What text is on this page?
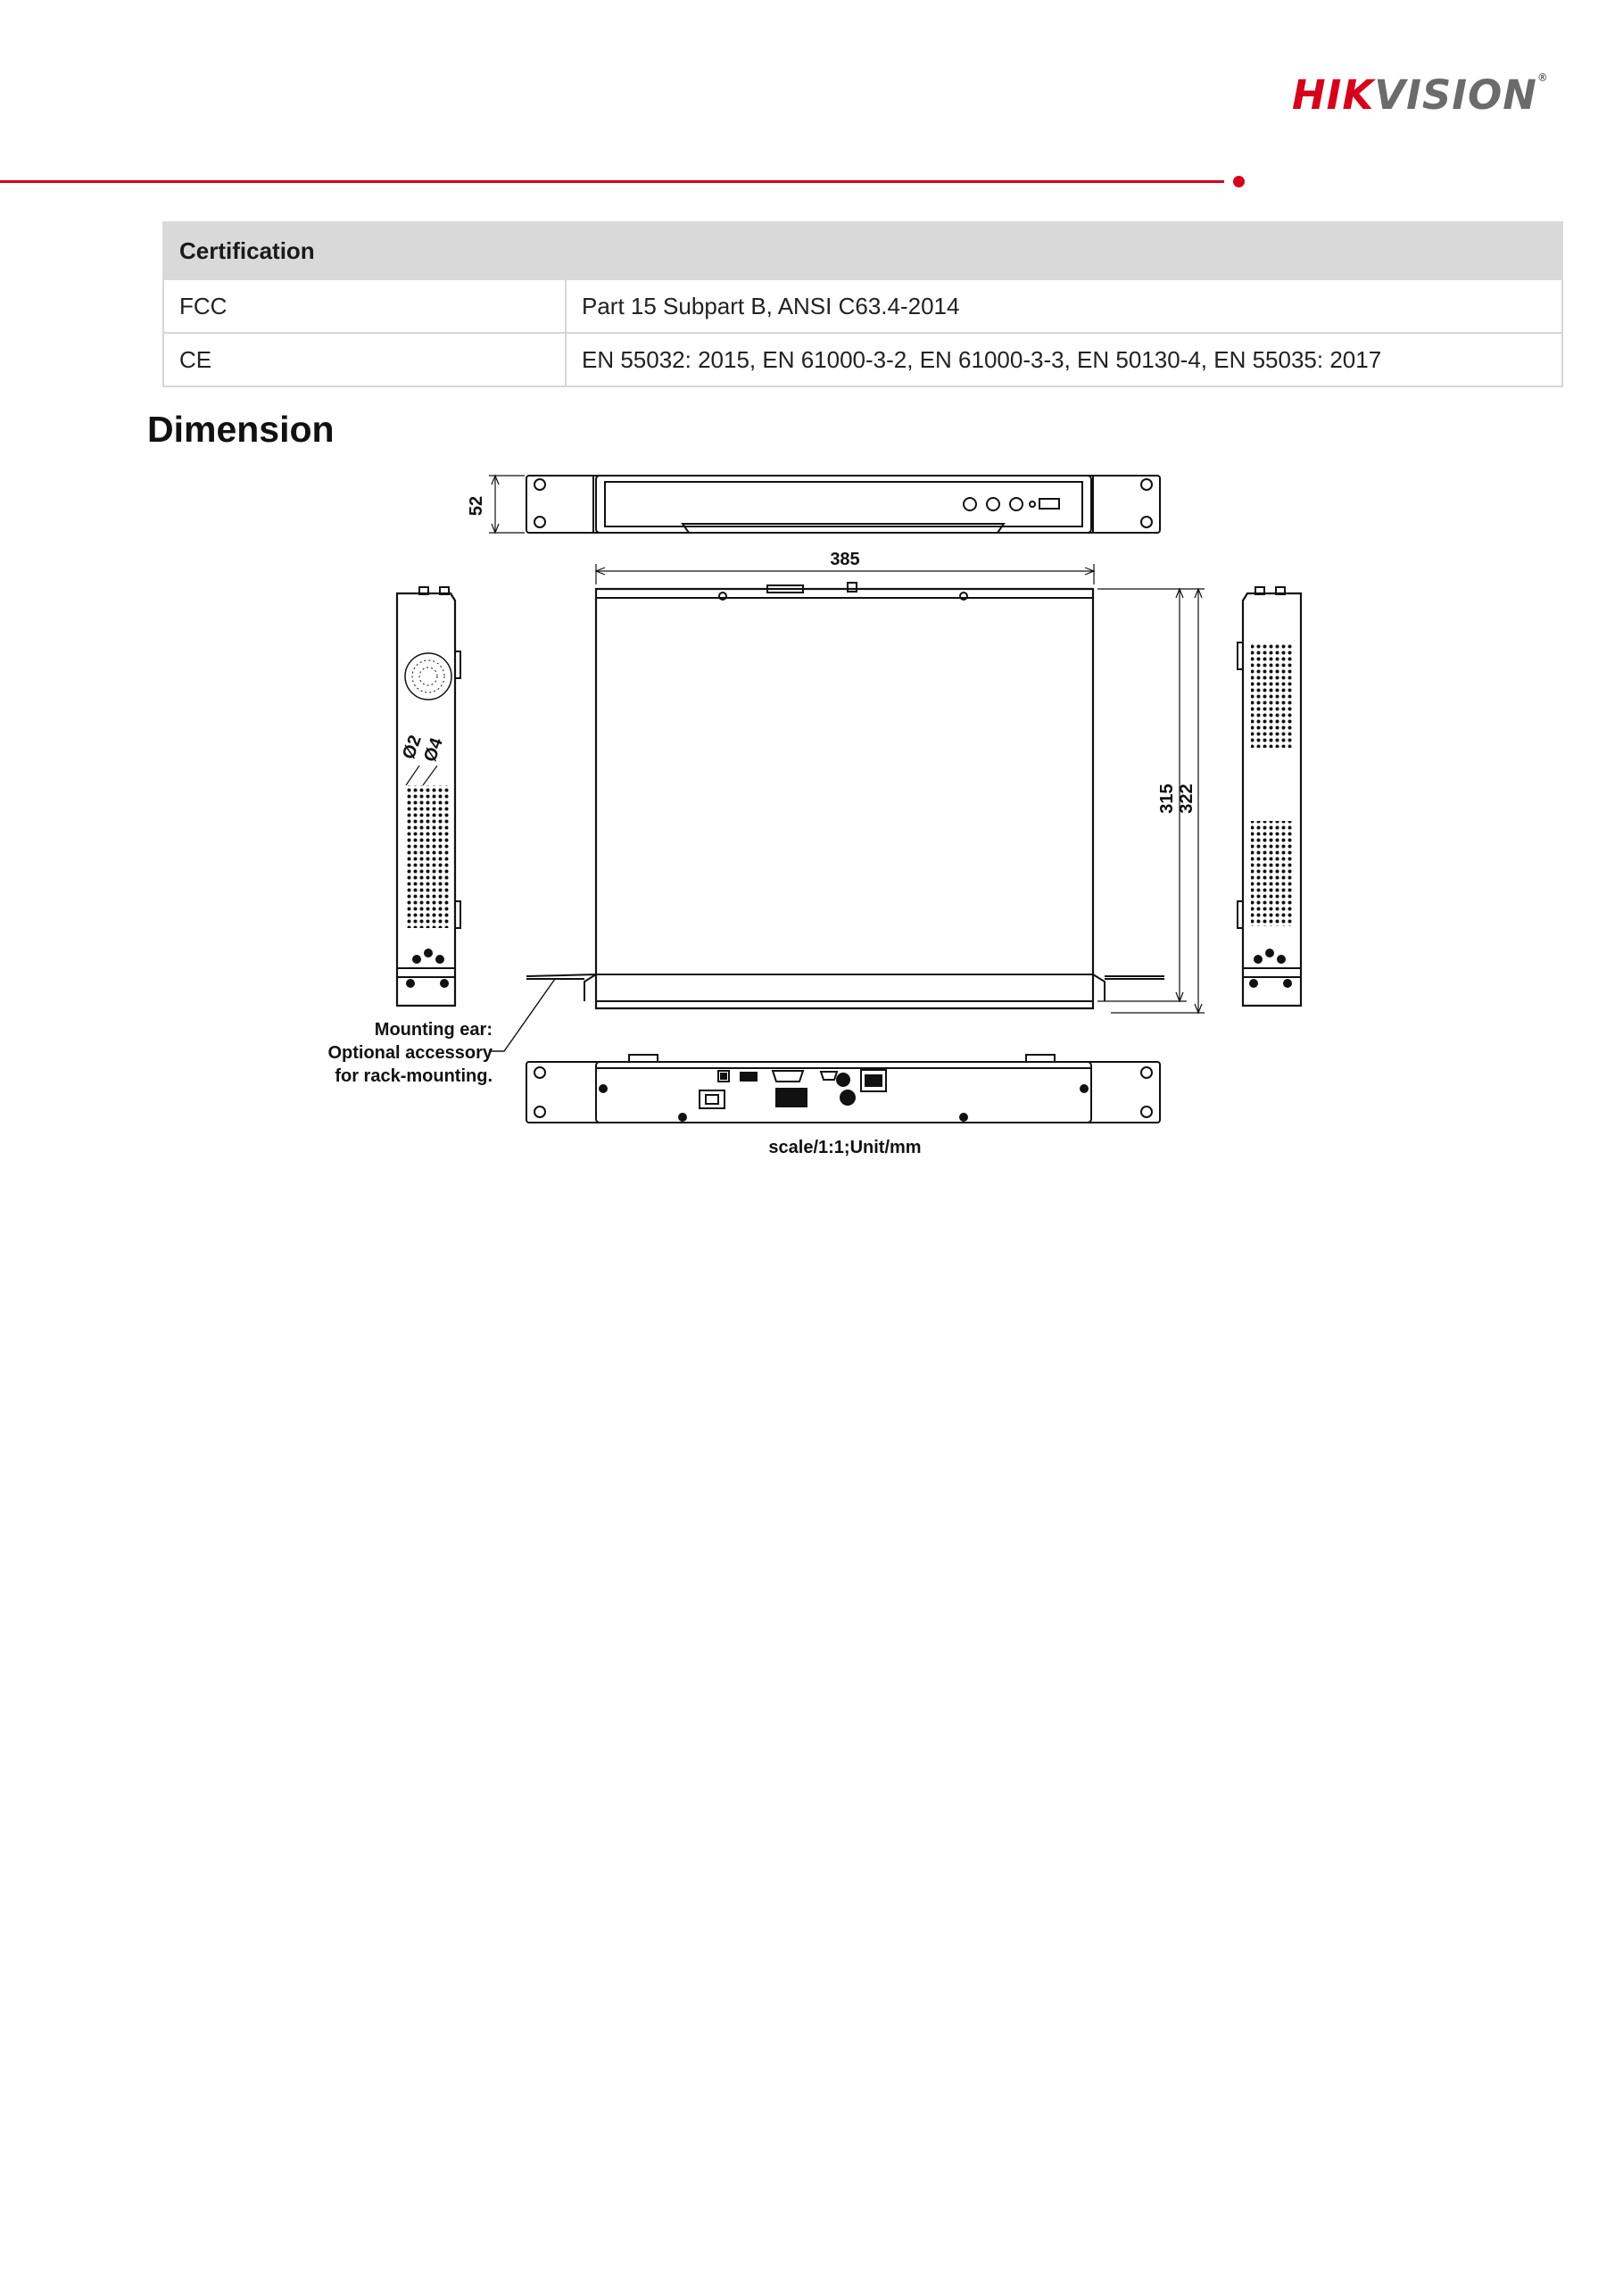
HIKVISION®
Certification	
FCC	Part 15 Subpart B, ANSI C63.4-2014
CE	EN 55032: 2015, EN 61000-3-2, EN 61000-3-3, EN 50130-4, EN 55035: 2017
Dimension
52
385
315 322
Ø2
Ø4
Mounting ear:
Optional accessory
for rack-mounting.
scale/1:1;Unit/mm
